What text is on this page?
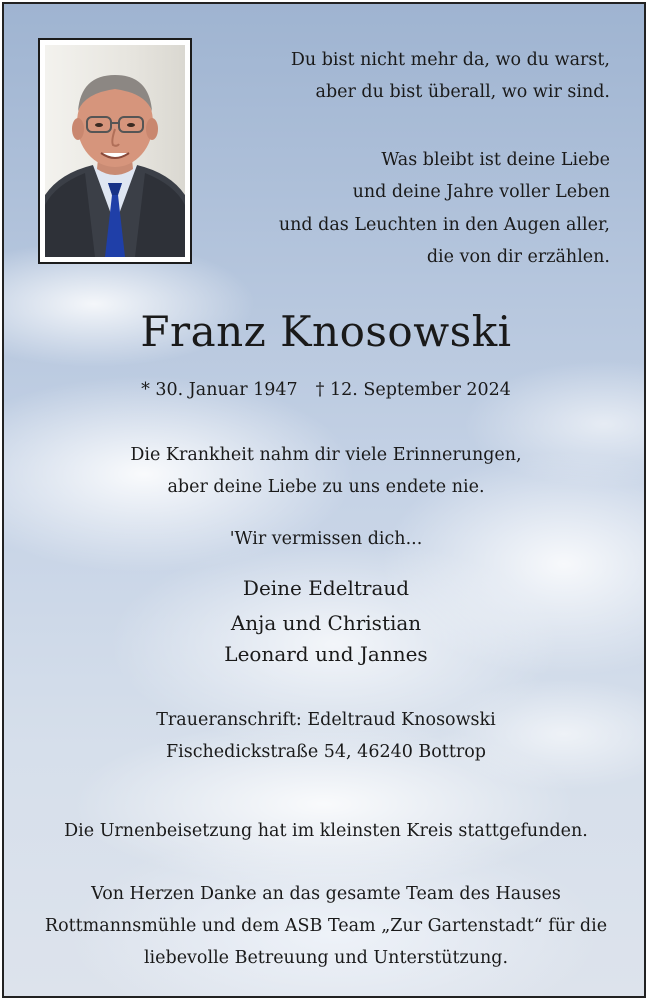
Du bist nicht mehr da, wo du warst,
aber du bist überall, wo wir sind.
Was bleibt ist deine Liebe
und deine Jahre voller Leben
und das Leuchten in den Augen aller,
die von dir erzählen.
Franz Knosowski
* 30. Januar 1947 † 12. September 2024
Die Krankheit nahm dir viele Erinnerungen,
aber deine Liebe zu uns endete nie.
'Wir vermissen dich...
Deine Edeltraud
Anja und Christian
Leonard und Jannes
Traueranschrift: Edeltraud Knosowski
Fischedickstraße 54, 46240 Bottrop
Die Urnenbeisetzung hat im kleinsten Kreis stattgefunden.
Von Herzen Danke an das gesamte Team des Hauses
Rottmannsmühle und dem ASB Team „Zur Gartenstadt“ für die
liebevolle Betreuung und Unterstützung.
